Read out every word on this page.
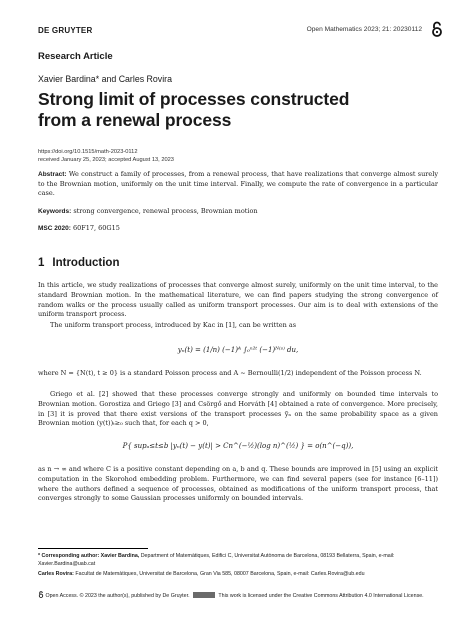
DE GRUYTER	Open Mathematics 2023; 21: 20230112
Research Article
Xavier Bardina* and Carles Rovira
Strong limit of processes constructed
from a renewal process
https://doi.org/10.1515/math-2023-0112
received January 25, 2023; accepted August 13, 2023
Abstract: We construct a family of processes, from a renewal process, that have realizations that converge almost surely to the Brownian motion, uniformly on the unit time interval. Finally, we compute the rate of convergence in a particular case.
Keywords: strong convergence, renewal process, Brownian motion
MSC 2020: 60F17, 60G15
1 Introduction
In this article, we study realizations of processes that converge almost surely, uniformly on the unit time interval, to the standard Brownian motion. In the mathematical literature, we can find papers studying the strong convergence of random walks or the process usually called as uniform transport processes. Our aim is to deal with extensions of the uniform transport process.
The uniform transport process, introduced by Kac in [1], can be written as
yₙ(t) = (1/n) (−1)ᴬ ∫₀ⁿ²ᵗ (−1)ᴺ⁽ˢ⁾ du,
where N = {N(t), t ≥ 0} is a standard Poisson process and A ~ Bernoulli(1/2) independent of the Poisson process N.
Griego et al. [2] showed that these processes converge strongly and uniformly on bounded time intervals to Brownian motion. Gorostiza and Griego [3] and Csörgő and Horváth [4] obtained a rate of convergence. More precisely, in [3] it is proved that there exist versions of the transport processes ỹₙ on the same probability space as a given Brownian motion (y(t))ₜ≥₀ such that, for each q > 0,
P{ supₐ≤t≤b |yₙ(t) − y(t)| > Cn^(−½)(log n)^(½) } = o(n^(−q)),
as n → ∞ and where C is a positive constant depending on a, b and q. These bounds are improved in [5] using an explicit computation in the Skorohod embedding problem. Furthermore, we can find several papers (see for instance [6–11]) where the authors defined a sequence of processes, obtained as modifications of the uniform transport process, that converges strongly to some Gaussian processes uniformly on bounded intervals.
* Corresponding author: Xavier Bardina, Department of Matemàtiques, Edifici C, Universitat Autònoma de Barcelona, 08193 Bellaterra, Spain, e-mail: Xavier.Bardina@uab.cat
Carles Rovira: Facultat de Matemàtiques, Universitat de Barcelona, Gran Via 585, 08007 Barcelona, Spain, e-mail: Carles.Rovira@ub.edu
Open Access. © 2023 the author(s), published by De Gruyter.	This work is licensed under the Creative Commons Attribution 4.0 International License.
